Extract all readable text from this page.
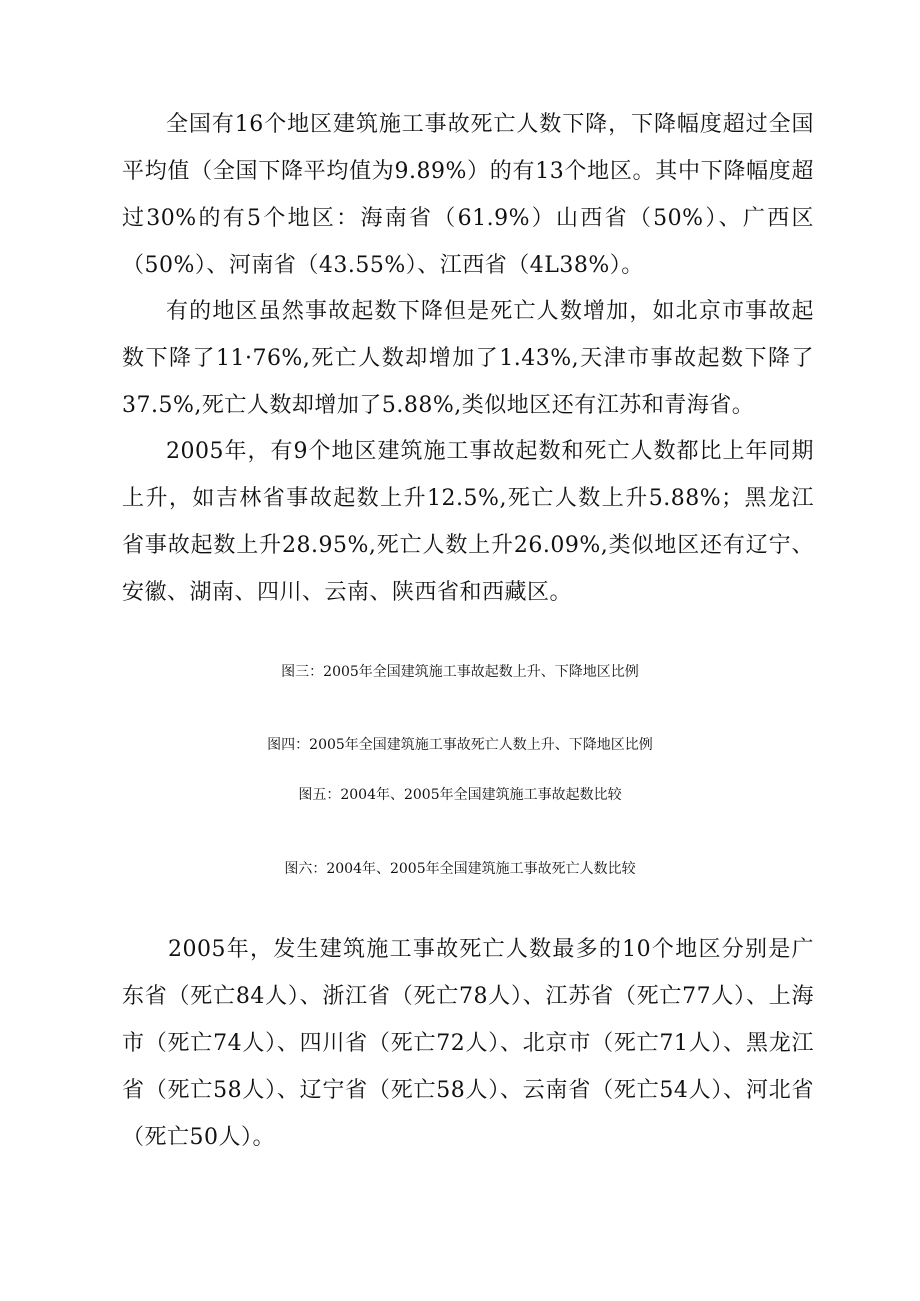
全国有16个地区建筑施工事故死亡人数下降，下降幅度超过全国平均值（全国下降平均值为9.89%）的有13个地区。其中下降幅度超过30%的有5个地区：海南省（61.9%）山西省（50%）、广西区（50%）、河南省（43.55%）、江西省（4L38%）。

有的地区虽然事故起数下降但是死亡人数增加，如北京市事故起数下降了11·76%,死亡人数却增加了1.43%,天津市事故起数下降了37.5%,死亡人数却增加了5.88%,类似地区还有江苏和青海省。

2005年，有9个地区建筑施工事故起数和死亡人数都比上年同期上升，如吉林省事故起数上升12.5%,死亡人数上升5.88%；黑龙江省事故起数上升28.95%,死亡人数上升26.09%,类似地区还有辽宁、安徽、湖南、四川、云南、陕西省和西藏区。

图三：2005年全国建筑施工事故起数上升、下降地区比例

图四：2005年全国建筑施工事故死亡人数上升、下降地区比例

图五：2004年、2005年全国建筑施工事故起数比较

图六：2004年、2005年全国建筑施工事故死亡人数比较

2005年，发生建筑施工事故死亡人数最多的10个地区分别是广东省（死亡84人）、浙江省（死亡78人）、江苏省（死亡77人）、上海市（死亡74人）、四川省（死亡72人）、北京市（死亡71人）、黑龙江省（死亡58人）、辽宁省（死亡58人）、云南省（死亡54人）、河北省（死亡50人）。
